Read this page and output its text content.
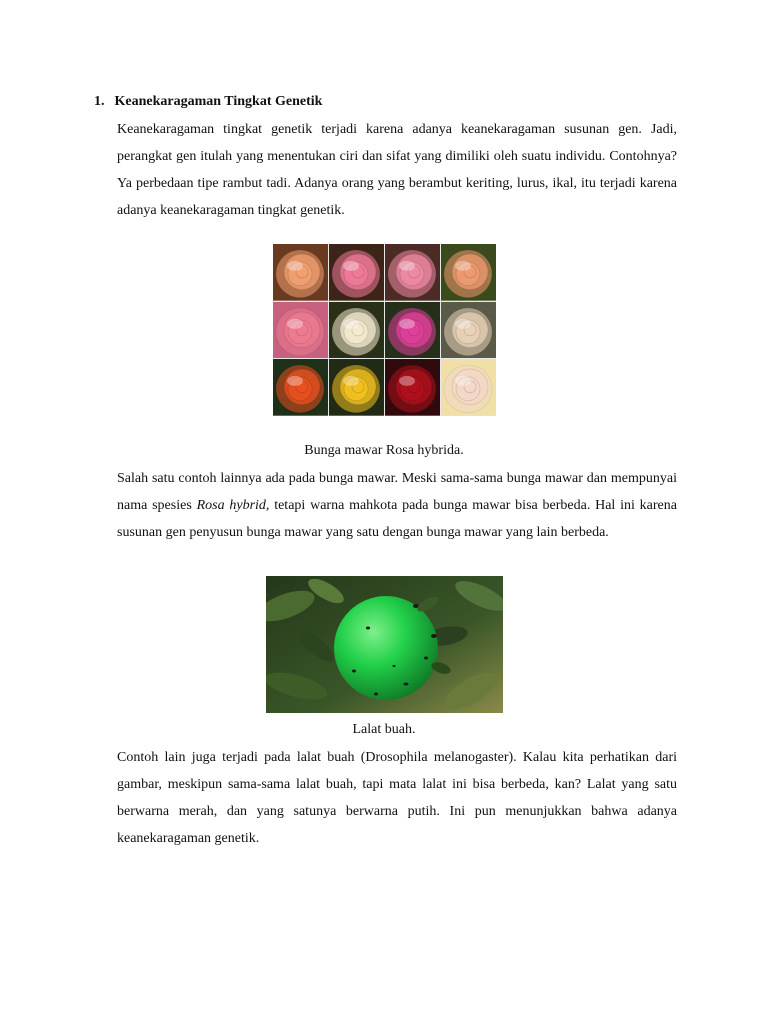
1. Keanekaragaman Tingkat Genetik

Keanekaragaman tingkat genetik terjadi karena adanya keanekaragaman susunan gen. Jadi, perangkat gen itulah yang menentukan ciri dan sifat yang dimiliki oleh suatu individu. Contohnya? Ya perbedaan tipe rambut tadi. Adanya orang yang berambut keriting, lurus, ikal, itu terjadi karena adanya keanekaragaman tingkat genetik.

Bunga mawar Rosa hybrida.

Salah satu contoh lainnya ada pada bunga mawar. Meski sama-sama bunga mawar dan mempunyai nama spesies Rosa hybrid, tetapi warna mahkota pada bunga mawar bisa berbeda. Hal ini karena susunan gen penyusun bunga mawar yang satu dengan bunga mawar yang lain berbeda.

Lalat buah.

Contoh lain juga terjadi pada lalat buah (Drosophila melanogaster). Kalau kita perhatikan dari gambar, meskipun sama-sama lalat buah, tapi mata lalat ini bisa berbeda, kan? Lalat yang satu berwarna merah, dan yang satunya berwarna putih. Ini pun menunjukkan bahwa adanya keanekaragaman genetik.
